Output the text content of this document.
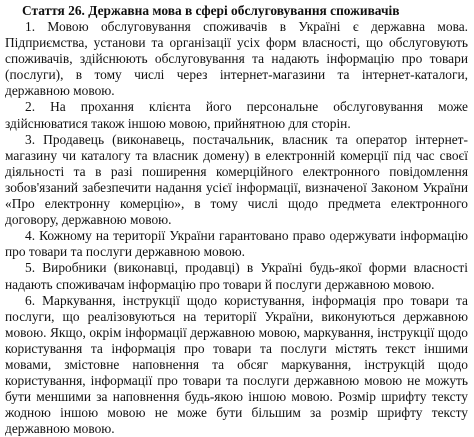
Стаття 26. Державна мова в сфері обслуговування споживачів

1. Мовою обслуговування споживачів в Україні є державна мова. Підприємства, установи та організації усіх форм власності, що обслуговують споживачів, здійснюють обслуговування та надають інформацію про товари (послуги), в тому числі через інтернет-магазини та інтернет-каталоги, державною мовою.

2. На прохання клієнта його персональне обслуговування може здійснюватися також іншою мовою, прийнятною для сторін.

3. Продавець (виконавець, постачальник, власник та оператор інтернет-магазину чи каталогу та власник домену) в електронній комерції під час своєї діяльності та в разі поширення комерційного електронного повідомлення зобов'язаний забезпечити надання усієї інформації, визначеної Законом України «Про електронну комерцію», в тому числі щодо предмета електронного договору, державною мовою.

4. Кожному на території України гарантовано право одержувати інформацію про товари та послуги державною мовою.

5. Виробники (виконавці, продавці) в Україні будь-якої форми власності надають споживачам інформацію про товари й послуги державною мовою.

6. Маркування, інструкції щодо користування, інформація про товари та послуги, що реалізовуються на території України, виконуються державною мовою. Якщо, окрім інформації державною мовою, маркування, інструкції щодо користування та інформація про товари та послуги містять текст іншими мовами, змістовне наповнення та обсяг маркування, інструкцій щодо користування, інформації про товари та послуги державною мовою не можуть бути меншими за наповнення будь-якою іншою мовою. Розмір шрифту тексту жодною іншою мовою не може бути більшим за розмір шрифту тексту державною мовою.
